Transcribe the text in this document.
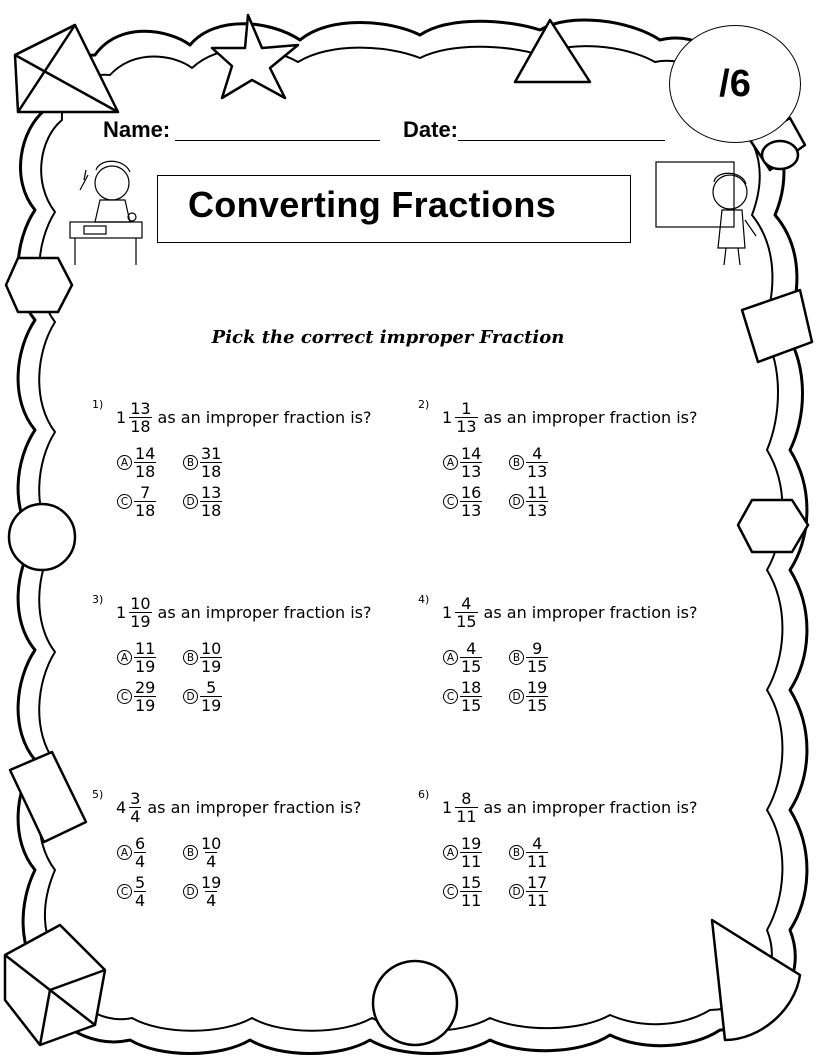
Name:	Date:
/6
Converting Fractions
Pick the correct improper Fraction
1)
$1 \frac{13}{18}$ as an improper fraction is?
A $\frac{14}{18}$	B $\frac{31}{18}$
C $\frac{7}{18}$	D $\frac{13}{18}$
2)
$1 \frac{1}{13}$ as an improper fraction is?
A $\frac{14}{13}$	B $\frac{4}{13}$
C $\frac{16}{13}$	D $\frac{11}{13}$
3)
$1 \frac{10}{19}$ as an improper fraction is?
A $\frac{11}{19}$	B $\frac{10}{19}$
C $\frac{29}{19}$	D $\frac{5}{19}$
4)
$1 \frac{4}{15}$ as an improper fraction is?
A $\frac{4}{15}$	B $\frac{9}{15}$
C $\frac{18}{15}$	D $\frac{19}{15}$
5)
$4 \frac{3}{4}$ as an improper fraction is?
A $\frac{6}{4}$	B $\frac{10}{4}$
C $\frac{5}{4}$	D $\frac{19}{4}$
6)
$1 \frac{8}{11}$ as an improper fraction is?
A $\frac{19}{11}$	B $\frac{4}{11}$
C $\frac{15}{11}$	D $\frac{17}{11}$
